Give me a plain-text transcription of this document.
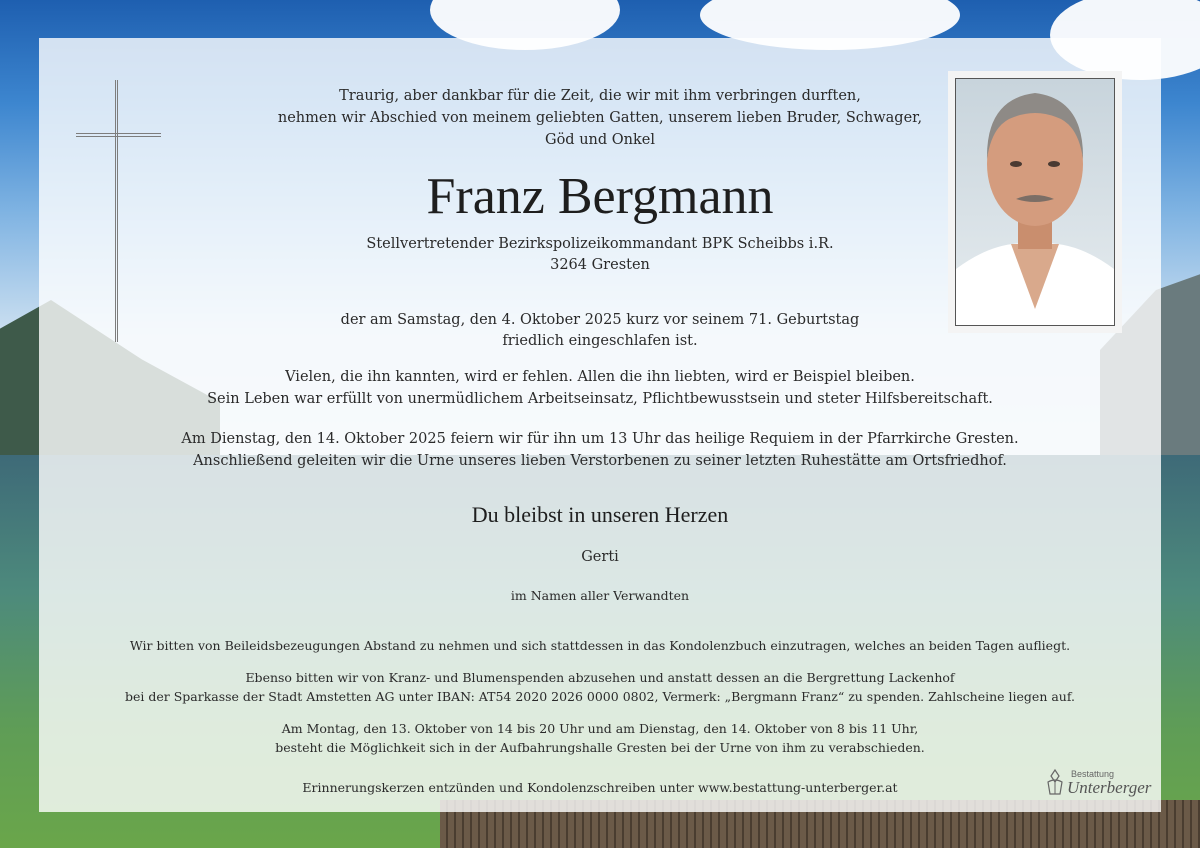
Traurig, aber dankbar für die Zeit, die wir mit ihm verbringen durften,
nehmen wir Abschied von meinem geliebten Gatten, unserem lieben Bruder, Schwager,
Göd und Onkel
Franz Bergmann
Stellvertretender Bezirkspolizeikommandant BPK Scheibbs i.R.
3264 Gresten
der am Samstag, den 4. Oktober 2025 kurz vor seinem 71. Geburtstag
friedlich eingeschlafen ist.
Vielen, die ihn kannten, wird er fehlen. Allen die ihn liebten, wird er Beispiel bleiben.
Sein Leben war erfüllt von unermüdlichem Arbeitseinsatz, Pflichtbewusstsein und steter Hilfsbereitschaft.
Am Dienstag, den 14. Oktober 2025 feiern wir für ihn um 13 Uhr das heilige Requiem in der Pfarrkirche Gresten.
Anschließend geleiten wir die Urne unseres lieben Verstorbenen zu seiner letzten Ruhestätte am Ortsfriedhof.
Du bleibst in unseren Herzen
Gerti
im Namen aller Verwandten
Wir bitten von Beileidsbezeugungen Abstand zu nehmen und sich stattdessen in das Kondolenzbuch einzutragen, welches an beiden Tagen aufliegt.
Ebenso bitten wir von Kranz- und Blumenspenden abzusehen und anstatt dessen an die Bergrettung Lackenhof
bei der Sparkasse der Stadt Amstetten AG unter IBAN: AT54 2020 2026 0000 0802, Vermerk: „Bergmann Franz“ zu spenden. Zahlscheine liegen auf.
Am Montag, den 13. Oktober von 14 bis 20 Uhr und am Dienstag, den 14. Oktober von 8 bis 11 Uhr,
besteht die Möglichkeit sich in der Aufbahrungshalle Gresten bei der Urne von ihm zu verabschieden.
Erinnerungskerzen entzünden und Kondolenzschreiben unter www.bestattung-unterberger.at
Bestattung
Unterberger
